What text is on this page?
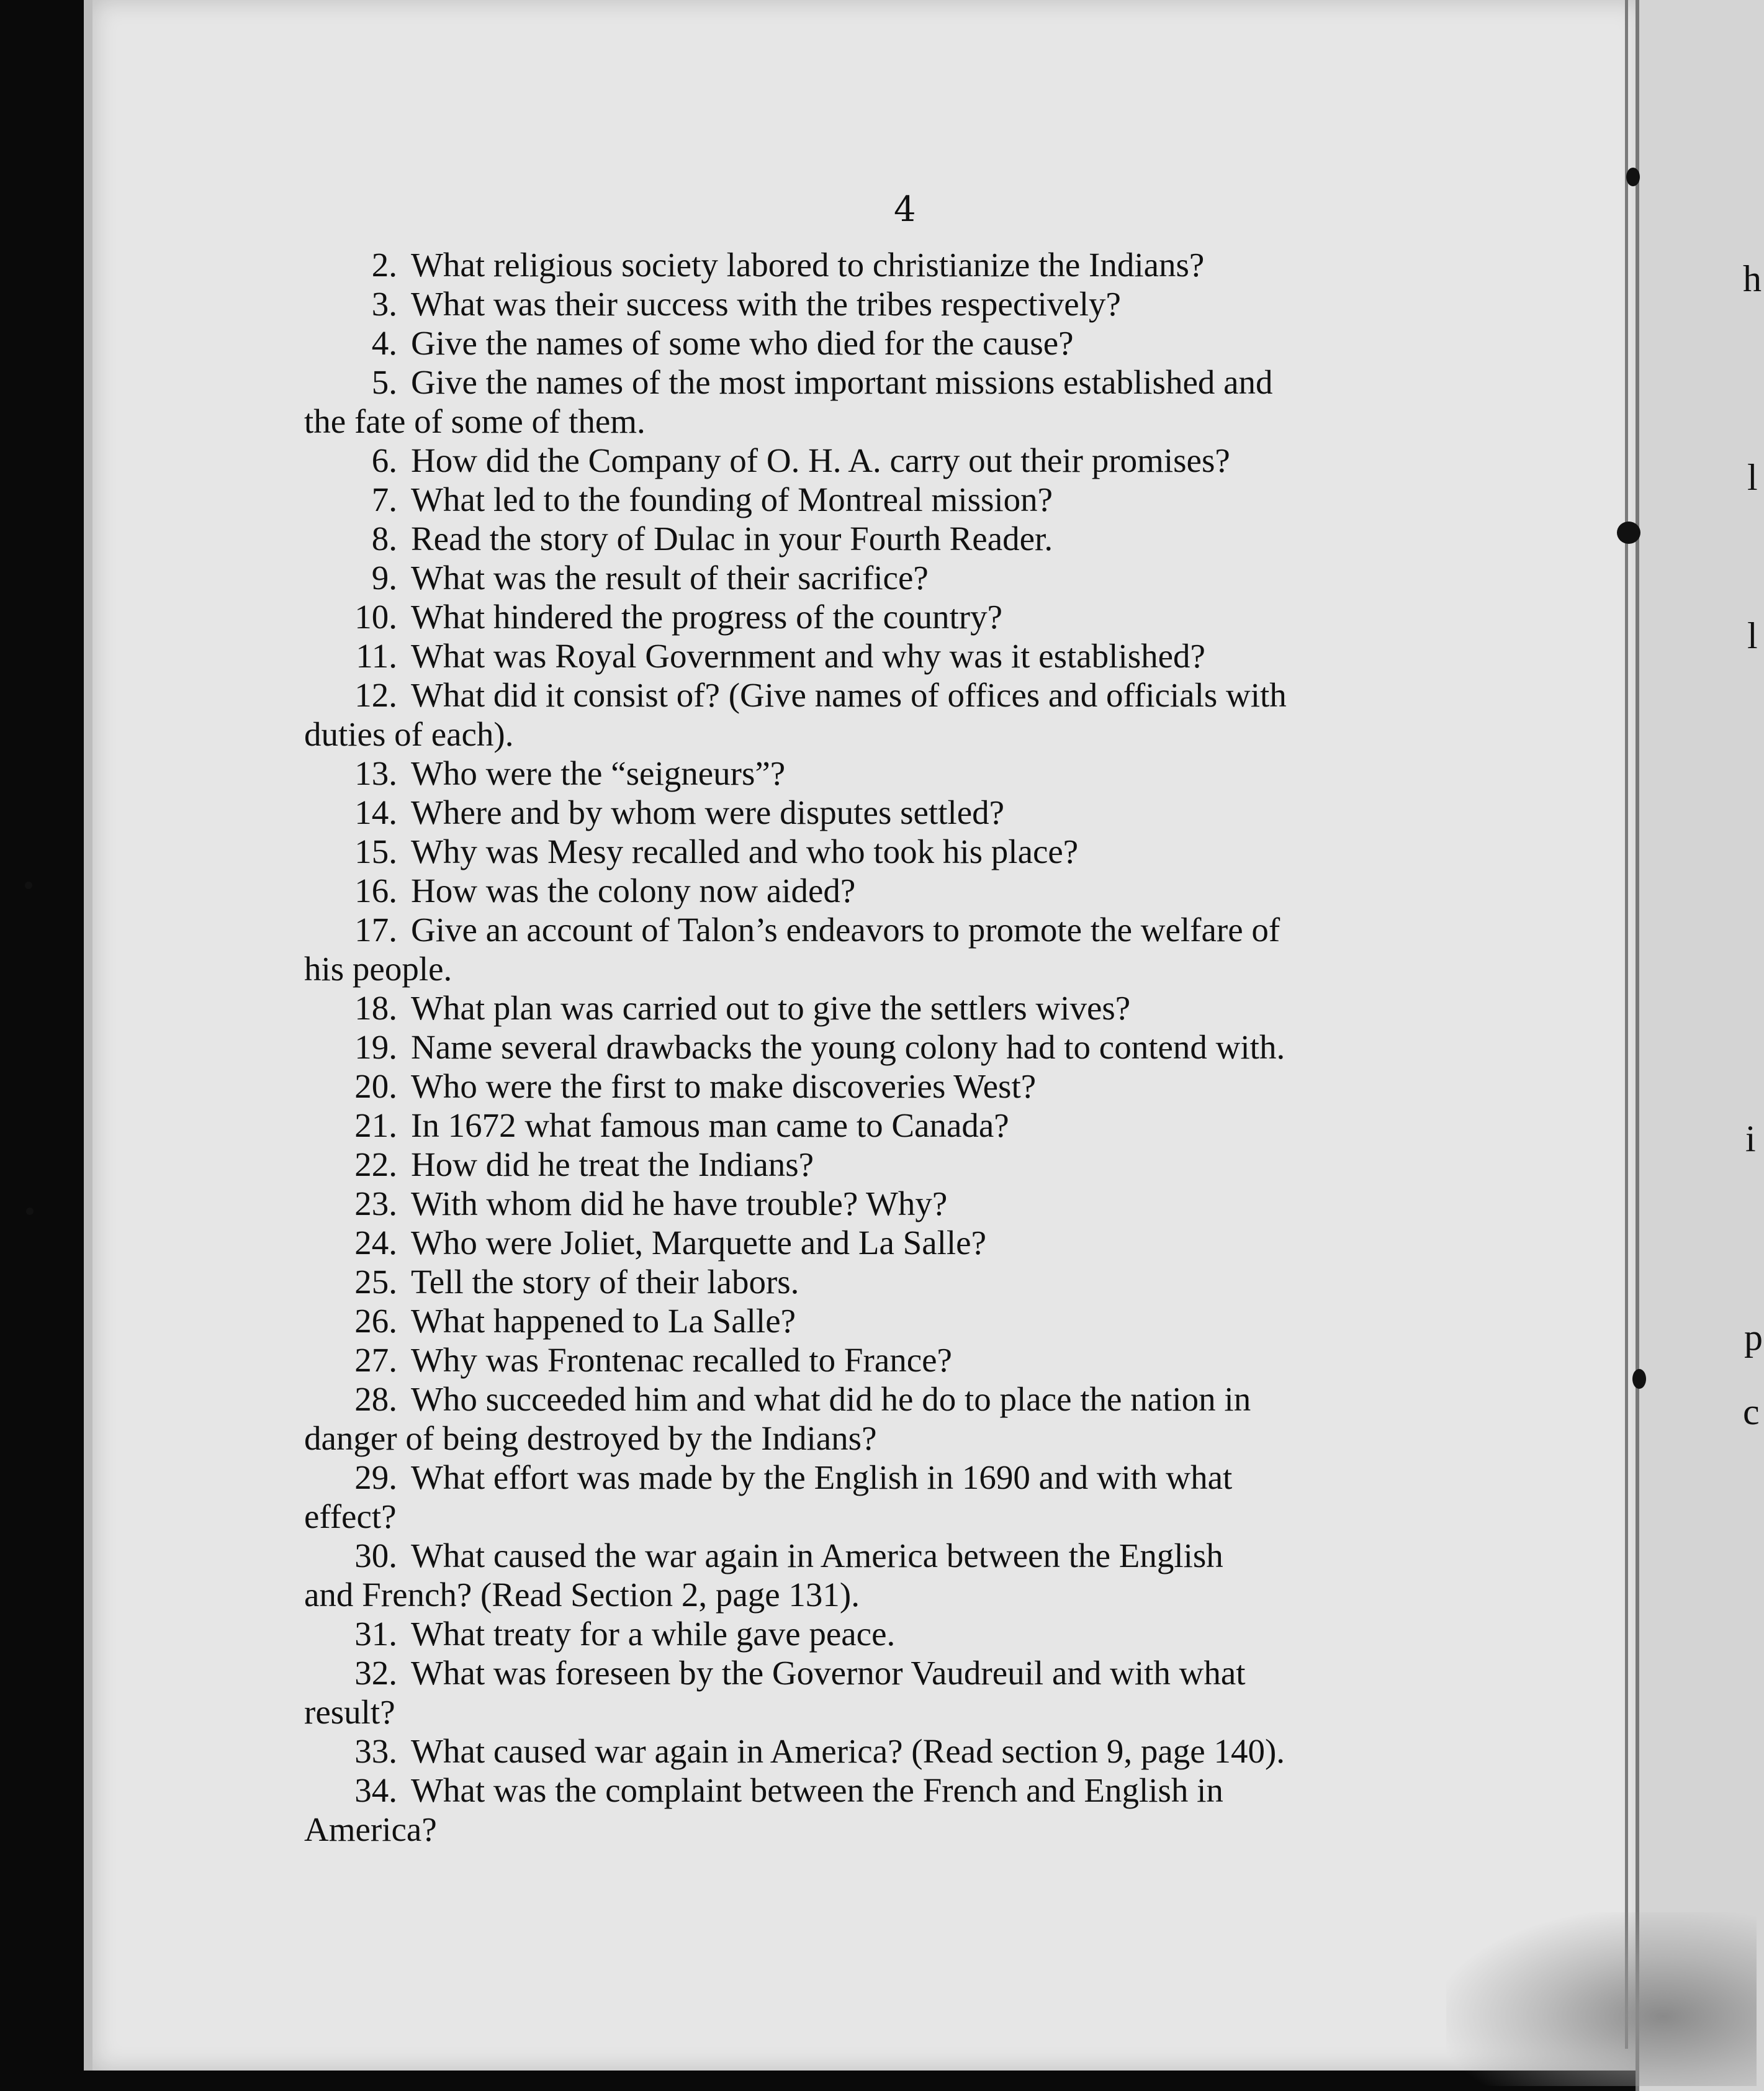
h
l
l
i
p
c
4

2. What religious society labored to christianize the Indians?

3. What was their success with the tribes respectively?

4. Give the names of some who died for the cause?

5. Give the names of the most important missions established and

the fate of some of them.

6. How did the Company of O. H. A. carry out their promises?

7. What led to the founding of Montreal mission?

8. Read the story of Dulac in your Fourth Reader.

9. What was the result of their sacrifice?

10. What hindered the progress of the country?

11. What was Royal Government and why was it established?

12. What did it consist of? (Give names of offices and officials with

duties of each).

13. Who were the “seigneurs”?

14. Where and by whom were disputes settled?

15. Why was Mesy recalled and who took his place?

16. How was the colony now aided?

17. Give an account of Talon’s endeavors to promote the welfare of

his people.

18. What plan was carried out to give the settlers wives?

19. Name several drawbacks the young colony had to contend with.

20. Who were the first to make discoveries West?

21. In 1672 what famous man came to Canada?

22. How did he treat the Indians?

23. With whom did he have trouble? Why?

24. Who were Joliet, Marquette and La Salle?

25. Tell the story of their labors.

26. What happened to La Salle?

27. Why was Frontenac recalled to France?

28. Who succeeded him and what did he do to place the nation in

danger of being destroyed by the Indians?

29. What effort was made by the English in 1690 and with what

effect?

30. What caused the war again in America between the English

and French? (Read Section 2, page 131).

31. What treaty for a while gave peace.

32. What was foreseen by the Governor Vaudreuil and with what

result?

33. What caused war again in America? (Read section 9, page 140).

34. What was the complaint between the French and English in

America?
